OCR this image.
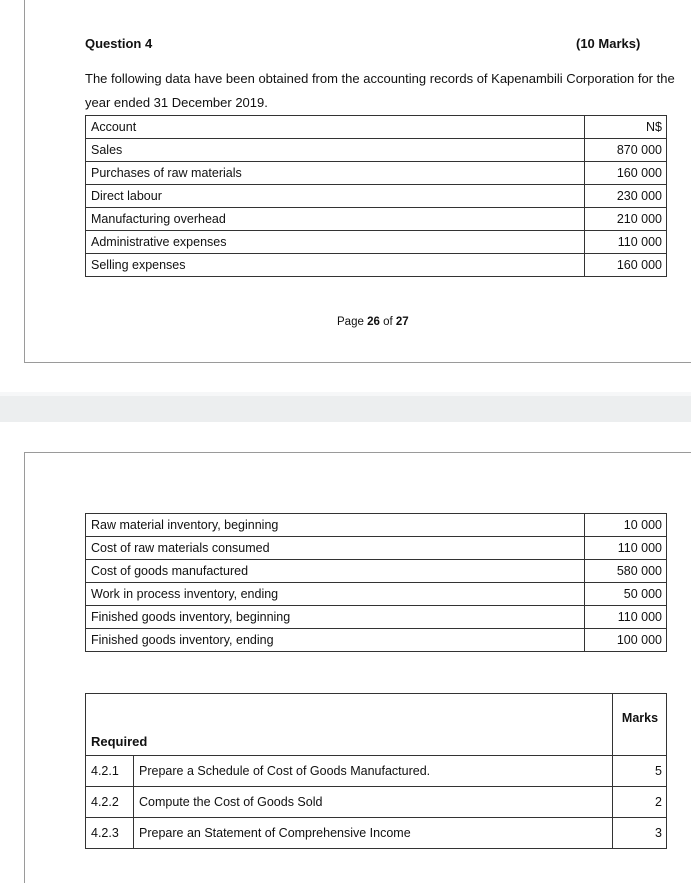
Question 4	(10 Marks)
The following data have been obtained from the accounting records of Kapenambili Corporation for the year ended 31 December 2019.
Account	N$
Sales	870 000
Purchases of raw materials	160 000
Direct labour	230 000
Manufacturing overhead	210 000
Administrative expenses	110 000
Selling expenses	160 000
Page 26 of 27
Raw material inventory, beginning	10 000
Cost of raw materials consumed	110 000
Cost of goods manufactured	580 000
Work in process inventory, ending	50 000
Finished goods inventory, beginning	110 000
Finished goods inventory, ending	100 000
Required		Marks
4.2.1	Prepare a Schedule of Cost of Goods Manufactured.	5
4.2.2	Compute the Cost of Goods Sold	2
4.2.3	Prepare an Statement of Comprehensive Income	3
